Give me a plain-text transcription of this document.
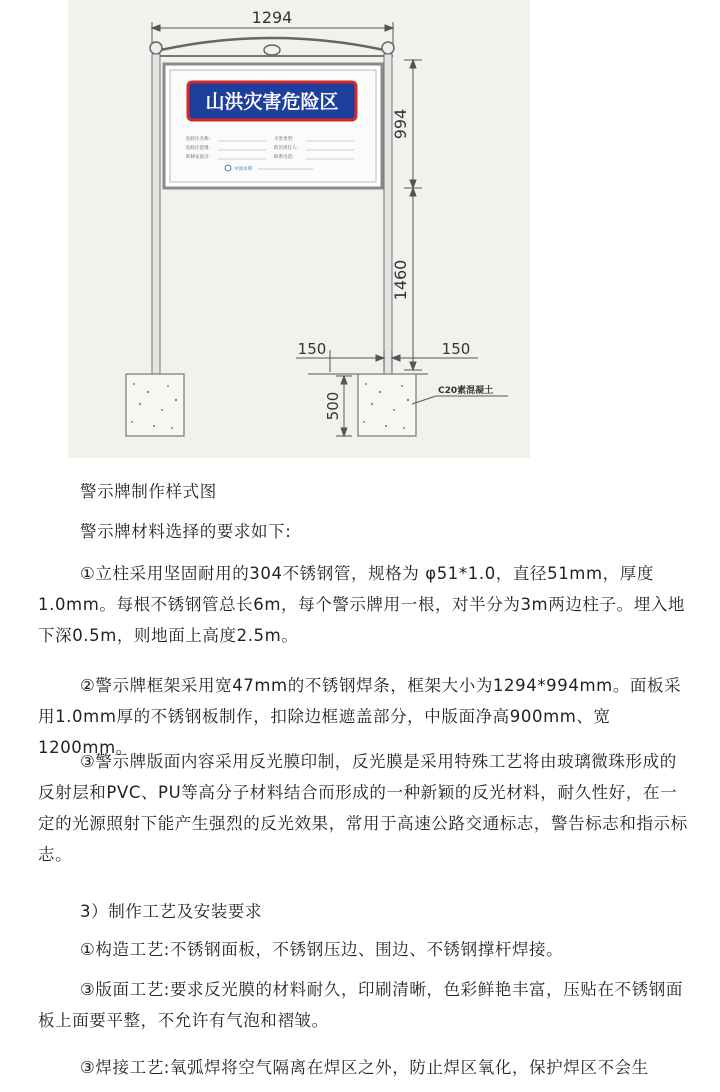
1294
山洪灾害危险区
危险区名称:
危险区范围:
转移安置点:
灾害类型:
防汛责任人:
联系电话:
中国水利
994
1460
150	150
500
C20素混凝土
警示牌制作样式图

警示牌材料选择的要求如下:

①立柱采用坚固耐用的304不锈钢管，规格为 φ51*1.0，直径51mm，厚度1.0mm。每根不锈钢管总长6m，每个警示牌用一根，对半分为3m两边柱子。埋入地下深0.5m，则地面上高度2.5m。

②警示牌框架采用宽47mm的不锈钢焊条，框架大小为1294*994mm。面板采用1.0mm厚的不锈钢板制作，扣除边框遮盖部分，中版面净高900mm、宽1200mm。

③警示牌版面内容采用反光膜印制，反光膜是采用特殊工艺将由玻璃微珠形成的反射层和PVC、PU等高分子材料结合而形成的一种新颖的反光材料，耐久性好，在一定的光源照射下能产生强烈的反光效果，常用于高速公路交通标志，警告标志和指示标志。

3）制作工艺及安装要求

①构造工艺:不锈钢面板，不锈钢压边、围边、不锈钢撑杆焊接。

③版面工艺:要求反光膜的材料耐久，印刷清晰，色彩鲜艳丰富，压贴在不锈钢面板上面要平整，不允许有气泡和褶皱。

③焊接工艺:氧弧焊将空气隔离在焊区之外，防止焊区氧化，保护焊区不会生
